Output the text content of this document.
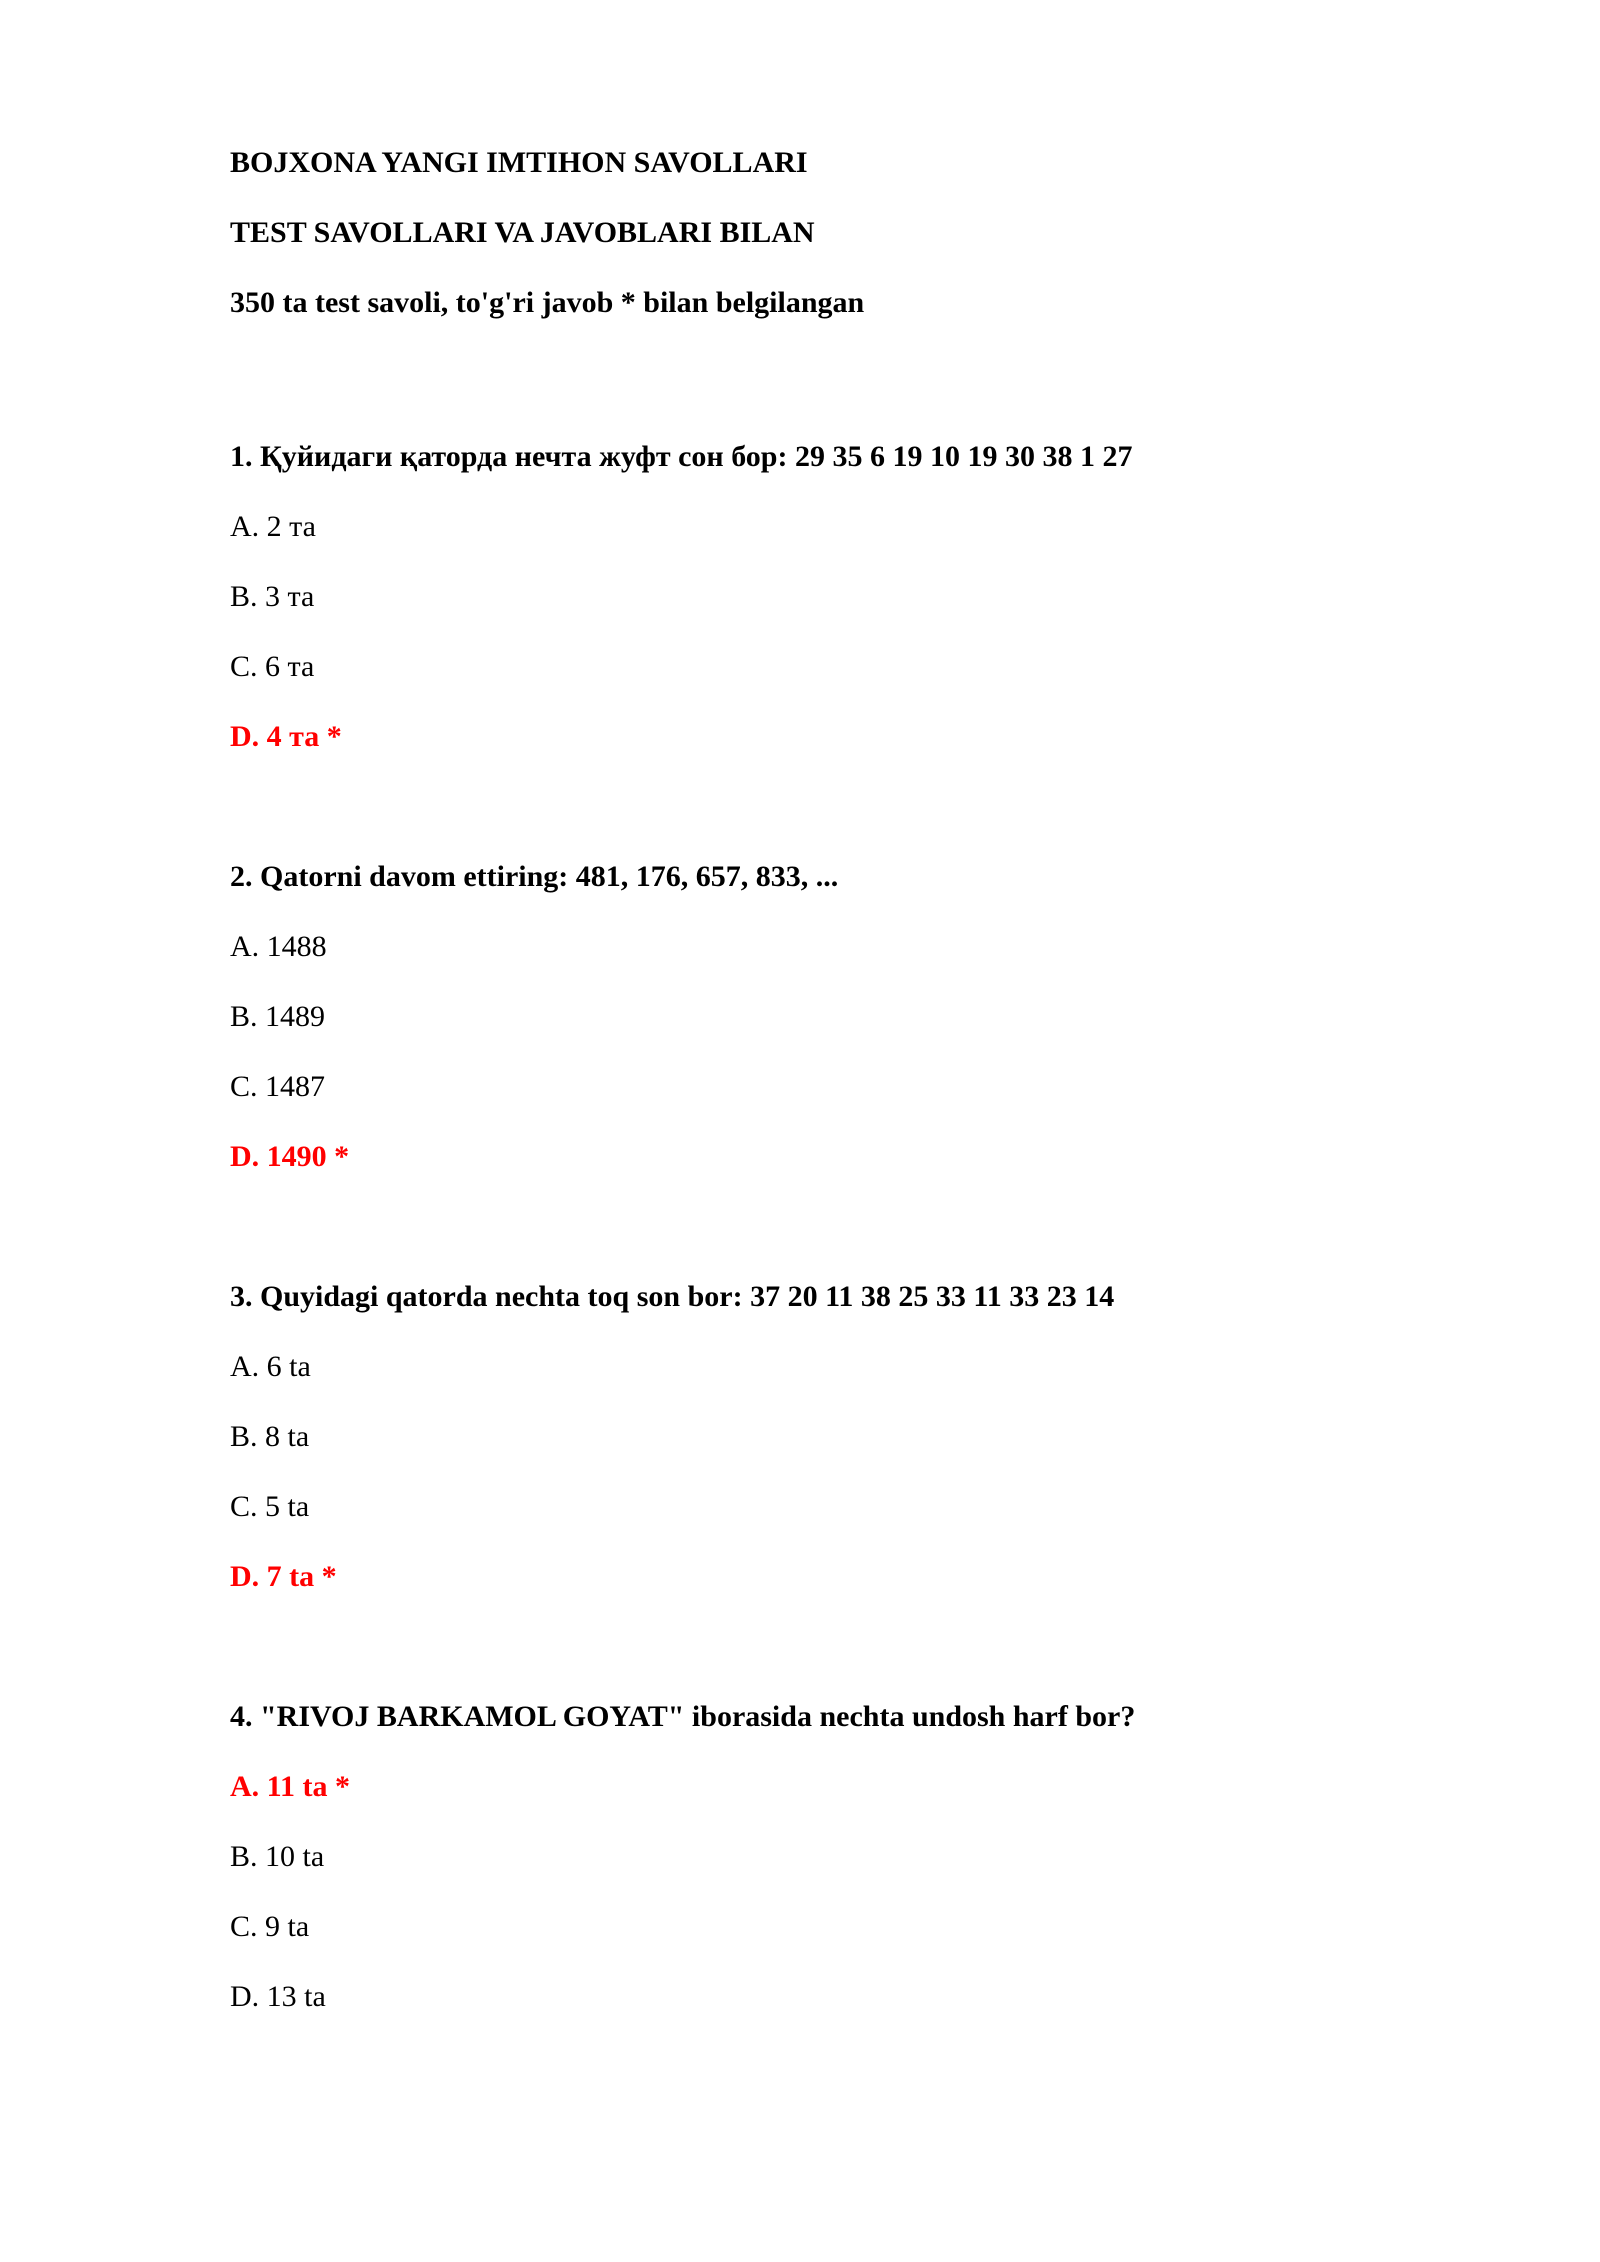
BOJXONA YANGI IMTIHON SAVOLLARI
TEST SAVOLLARI VA JAVOBLARI BILAN
350 ta test savoli, to'g'ri javob * bilan belgilangan
1. Қуйидаги қаторда нечта жуфт сон бор: 29 35 6 19 10 19 30 38 1 27
A. 2 та
B. 3 та
C. 6 та
D. 4 та *
2. Qatorni davom ettiring: 481, 176, 657, 833, ...
A. 1488
B. 1489
C. 1487
D. 1490 *
3. Quyidagi qatorda nechta toq son bor: 37 20 11 38 25 33 11 33 23 14
A. 6 ta
B. 8 ta
C. 5 ta
D. 7 ta *
4. "RIVOJ BARKAMOL GOYAT" iborasida nechta undosh harf bor?
A. 11 ta *
B. 10 ta
C. 9 ta
D. 13 ta
